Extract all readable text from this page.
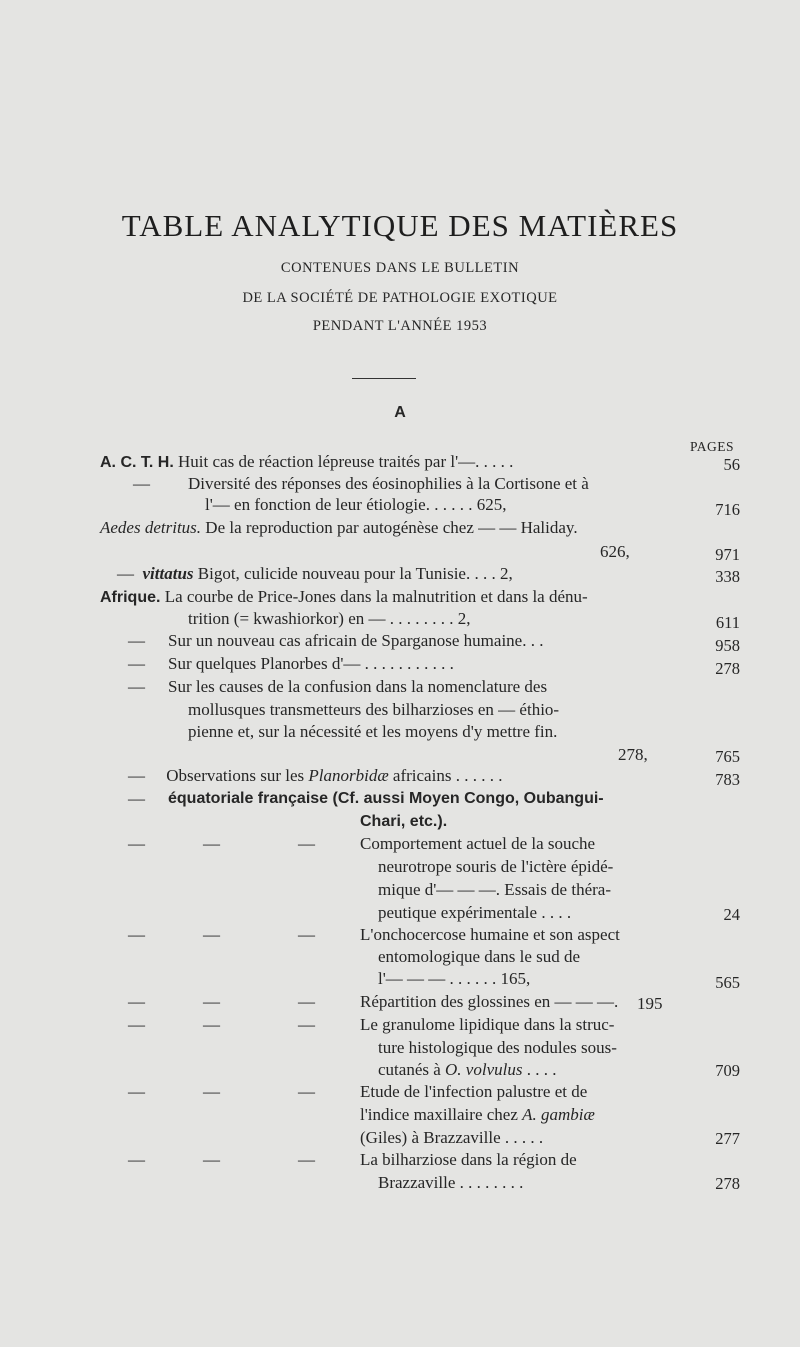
TABLE ANALYTIQUE DES MATIÈRES
CONTENUES DANS LE BULLETIN
DE LA SOCIÉTÉ DE PATHOLOGIE EXOTIQUE
PENDANT L'ANNÉE 1953
A
PAGES
A. C. T. H. Huit cas de réaction lépreuse traités par l'—. . . . .	56
— Diversité des réponses des éosinophilies à la Cortisone et à
l'— en fonction de leur étiologie. . . . . . 625,	716
Aedes detritus. De la reproduction par autogénèse chez — — Haliday.
626,	971
— vittatus Bigot, culicide nouveau pour la Tunisie. . . . 2,	338
Afrique. La courbe de Price-Jones dans la malnutrition et dans la dénu-
trition (= kwashiorkor) en — . . . . . . . . 2,	611
— Sur un nouveau cas africain de Sparganose humaine. . .	958
— Sur quelques Planorbes d'— . . . . . . . . . . .	278
— Sur les causes de la confusion dans la nomenclature des
mollusques transmetteurs des bilharzioses en — éthio-
pienne et, sur la nécessité et les moyens d'y mettre fin.
278,	765
— Observations sur les Planorbidæ africains . . . . . .	783
— équatoriale française (Cf. aussi Moyen Congo, Oubangui-
Chari, etc.).
—	—	—	Comportement actuel de la souche
neurotrope souris de l'ictère épidé-
mique d'— — —. Essais de théra-
peutique expérimentale . . . .	24
—	—	—	L'onchocercose humaine et son aspect
entomologique dans le sud de
l'— — — . . . . . . 165,	565
—	—	—	Répartition des glossines en — — —. 195
—	—	—	Le granulome lipidique dans la struc-
ture histologique des nodules sous-
cutanés à O. volvulus . . . .	709
—	—	—	Etude de l'infection palustre et de
l'indice maxillaire chez A. gambiæ
(Giles) à Brazzaville . . . . .	277
—	—	—	La bilharziose dans la région de
Brazzaville . . . . . . . .	278
